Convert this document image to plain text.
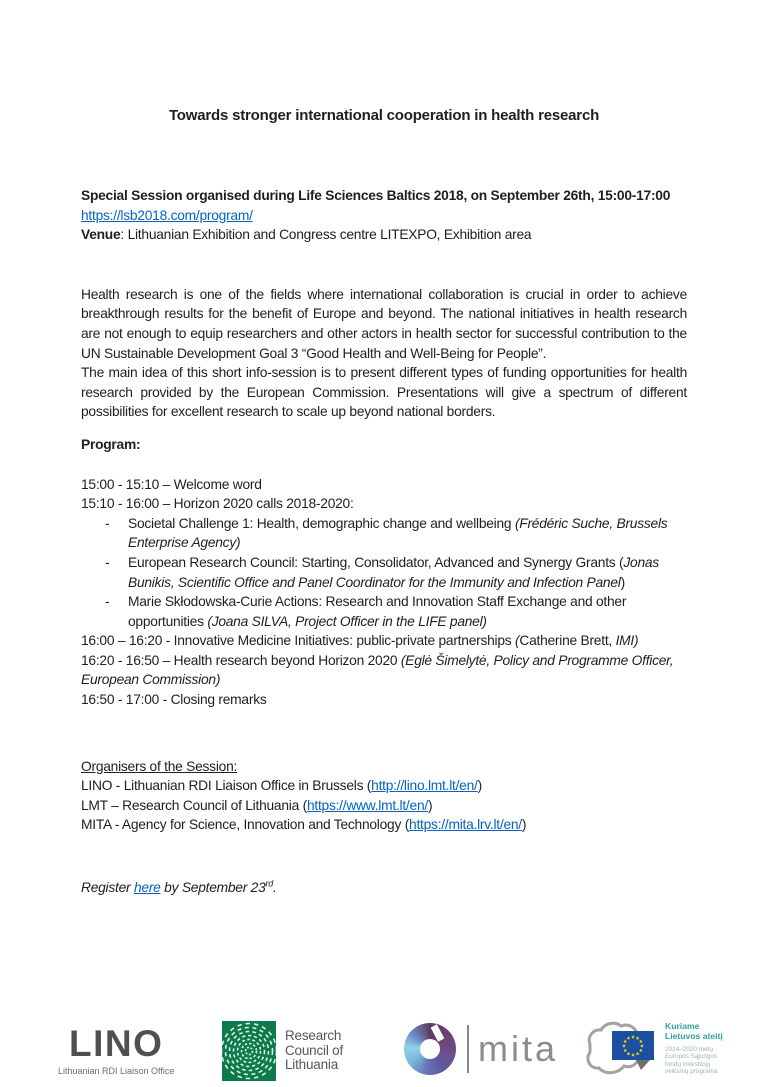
Towards stronger international cooperation in health research

Special Session organised during Life Sciences Baltics 2018, on September 26th, 15:00-17:00

https://lsb2018.com/program/

Venue: Lithuanian Exhibition and Congress centre LITEXPO, Exhibition area

Health research is one of the fields where international collaboration is crucial in order to achieve breakthrough results for the benefit of Europe and beyond. The national initiatives in health research are not enough to equip researchers and other actors in health sector for successful contribution to the UN Sustainable Development Goal 3 “Good Health and Well-Being for People”.

The main idea of this short info-session is to present different types of funding opportunities for health research provided by the European Commission. Presentations will give a spectrum of different possibilities for excellent research to scale up beyond national borders.

Program:

15:00 - 15:10 – Welcome word

15:10 - 16:00 – Horizon 2020 calls 2018-2020:

- Societal Challenge 1: Health, demographic change and wellbeing (Frédéric Suche, Brussels Enterprise Agency)
- European Research Council: Starting, Consolidator, Advanced and Synergy Grants (Jonas Bunikis, Scientific Office and Panel Coordinator for the Immunity and Infection Panel)
- Marie Skłodowska-Curie Actions: Research and Innovation Staff Exchange and other opportunities (Joana SILVA, Project Officer in the LIFE panel)

16:00 – 16:20 - Innovative Medicine Initiatives: public-private partnerships (Catherine Brett, IMI)

16:20 - 16:50 – Health research beyond Horizon 2020 (Eglė Šimelytė, Policy and Programme Officer, European Commission)

16:50 - 17:00 - Closing remarks

Organisers of the Session:

LINO - Lithuanian RDI Liaison Office in Brussels (http://lino.lmt.lt/en/)

LMT – Research Council of Lithuania (https://www.lmt.lt/en/)

MITA - Agency for Science, Innovation and Technology (https://mita.lrv.lt/en/)

Register here by September 23rd.

LINO
Lithuanian RDI Liaison Office
Research
Council of
Lithuania	mita
Kuriame
Lietuvos ateitį
2014–2020 metų
Europos Sąjungos
fondų investicijų
veiksmų programa
